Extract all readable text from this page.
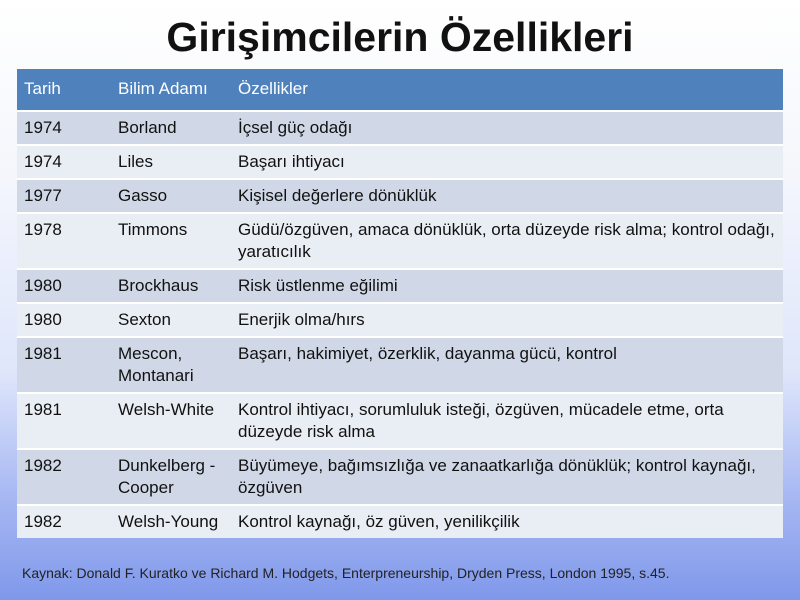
Girişimcilerin Özellikleri
Tarih	Bilim Adamı	Özellikler
1974	Borland	İçsel güç odağı
1974	Liles	Başarı ihtiyacı
1977	Gasso	Kişisel değerlere dönüklük
1978	Timmons	Güdü/özgüven, amaca dönüklük, orta düzeyde risk alma; kontrol odağı, yaratıcılık
1980	Brockhaus	Risk üstlenme eğilimi
1980	Sexton	Enerjik olma/hırs
1981	Mescon, Montanari	Başarı, hakimiyet, özerklik, dayanma gücü, kontrol
1981	Welsh-White	Kontrol ihtiyacı, sorumluluk isteği, özgüven, mücadele etme, orta düzeyde risk alma
1982	Dunkelberg -Cooper	Büyümeye, bağımsızlığa ve zanaatkarlığa dönüklük; kontrol kaynağı, özgüven
1982	Welsh-Young	Kontrol kaynağı, öz güven, yenilikçilik
Kaynak: Donald F. Kuratko ve Richard M. Hodgets, Enterpreneurship, Dryden Press, London 1995, s.45.
